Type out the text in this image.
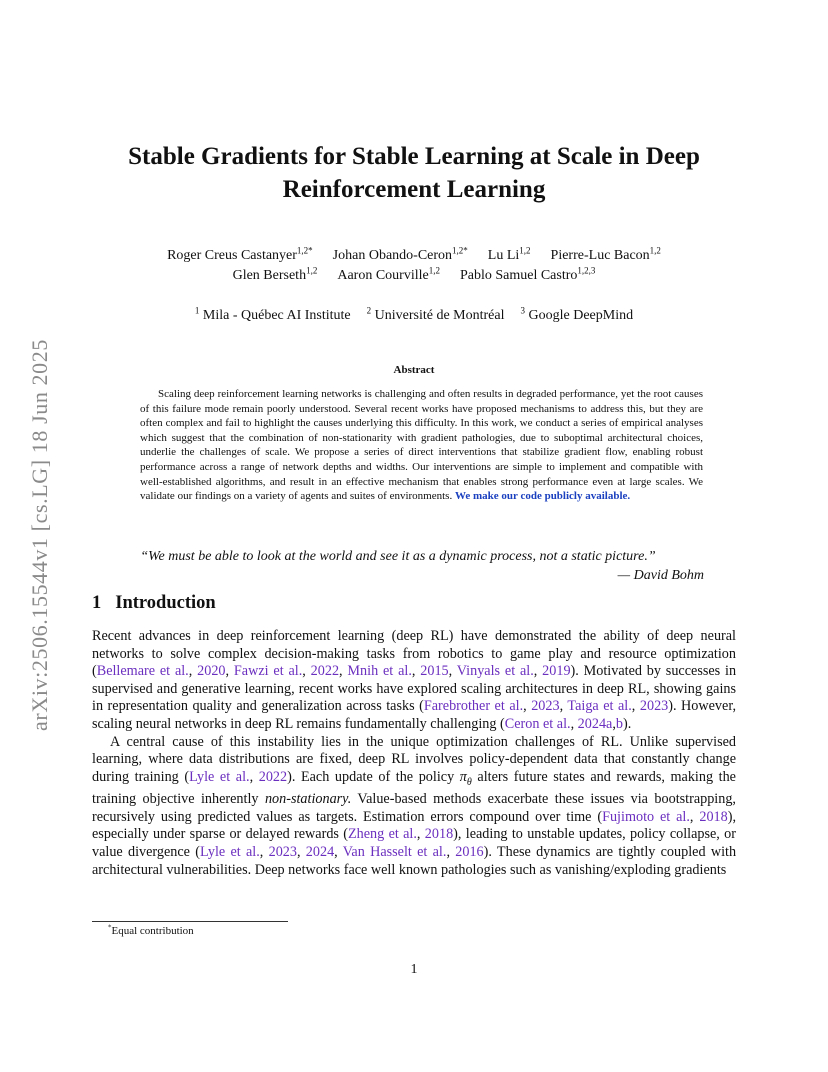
arXiv:2506.15544v1 [cs.LG] 18 Jun 2025
Stable Gradients for Stable Learning at Scale in Deep Reinforcement Learning
Roger Creus Castanyer$^{1,2*}$ Johan Obando-Ceron$^{1,2*}$ Lu Li$^{1,2}$ Pierre-Luc Bacon$^{1,2}$
Glen Berseth$^{1,2}$ Aaron Courville$^{1,2}$ Pablo Samuel Castro$^{1,2,3}$
$^1$ Mila - Québec AI Institute $^2$ Université de Montréal $^3$ Google DeepMind
Abstract

Scaling deep reinforcement learning networks is challenging and often results in degraded performance, yet the root causes of this failure mode remain poorly understood. Several recent works have proposed mechanisms to address this, but they are often complex and fail to highlight the causes underlying this difficulty. In this work, we conduct a series of empirical analyses which suggest that the combination of non-stationarity with gradient pathologies, due to suboptimal architectural choices, underlie the challenges of scale. We propose a series of direct interventions that stabilize gradient flow, enabling robust performance across a range of network depths and widths. Our interventions are simple to implement and compatible with well-established algorithms, and result in an effective mechanism that enables strong performance even at large scales. We validate our findings on a variety of agents and suites of environments. We make our code publicly available.

“We must be able to look at the world and see it as a dynamic process, not a static picture.”
— David Bohm
1 Introduction

Recent advances in deep reinforcement learning (deep RL) have demonstrated the ability of deep neural networks to solve complex decision-making tasks from robotics to game play and resource optimization (Bellemare et al., 2020, Fawzi et al., 2022, Mnih et al., 2015, Vinyals et al., 2019). Motivated by successes in supervised and generative learning, recent works have explored scaling architectures in deep RL, showing gains in representation quality and generalization across tasks (Farebrother et al., 2023, Taiga et al., 2023). However, scaling neural networks in deep RL remains fundamentally challenging (Ceron et al., 2024a,b).

A central cause of this instability lies in the unique optimization challenges of RL. Unlike supervised learning, where data distributions are fixed, deep RL involves policy-dependent data that constantly change during training (Lyle et al., 2022). Each update of the policy $\pi_\theta$ alters future states and rewards, making the training objective inherently non-stationary. Value-based methods exacerbate these issues via bootstrapping, recursively using predicted values as targets. Estimation errors compound over time (Fujimoto et al., 2018), especially under sparse or delayed rewards (Zheng et al., 2018), leading to unstable updates, policy collapse, or value divergence (Lyle et al., 2023, 2024, Van Hasselt et al., 2016). These dynamics are tightly coupled with architectural vulnerabilities. Deep networks face well known pathologies such as vanishing/exploding gradients

*Equal contribution
1
